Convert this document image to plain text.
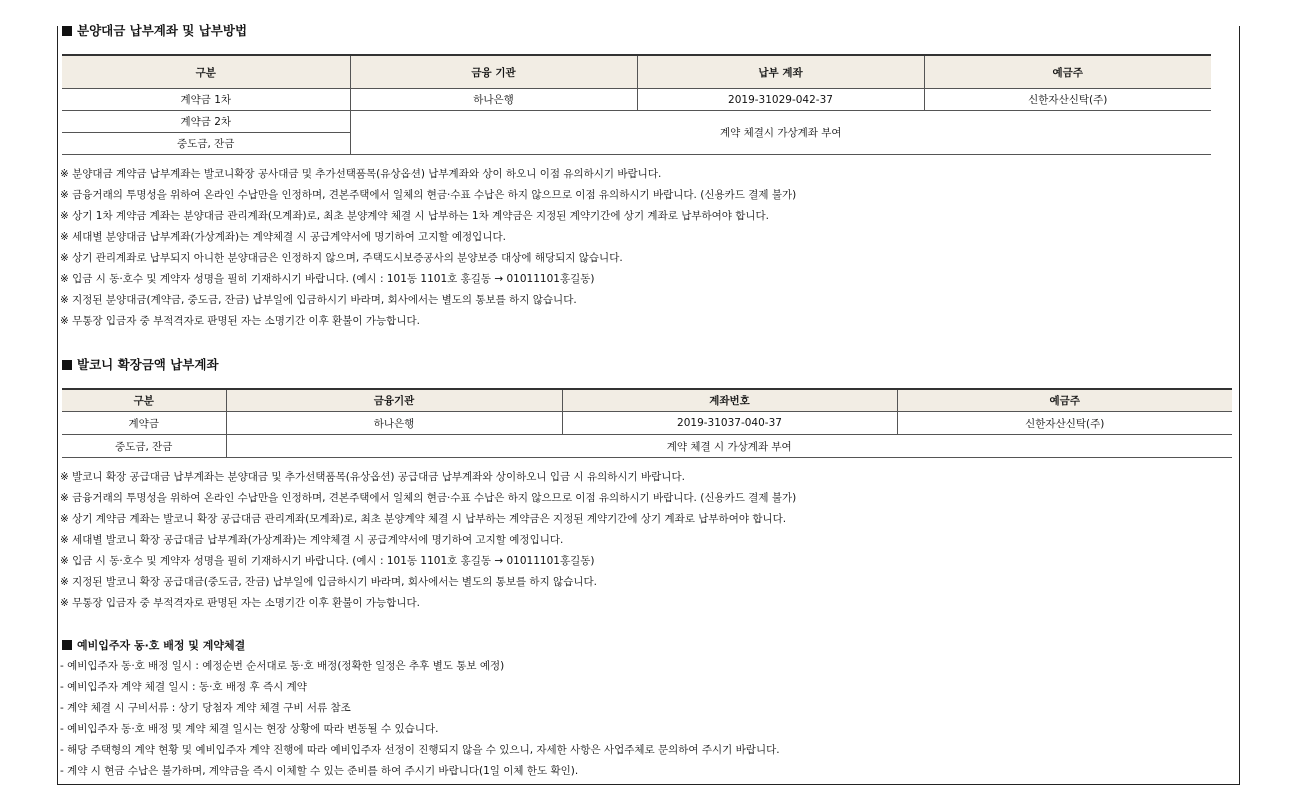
분양대금 납부계좌 및 납부방법
구분	금융 기관	납부 계좌	예금주
계약금 1차	하나은행	2019-31029-042-37	신한자산신탁(주)
계약금 2차	계약 체결시 가상계좌 부여		
중도금, 잔금			
※ 분양대금 계약금 납부계좌는 발코니확장 공사대금 및 추가선택품목(유상옵션) 납부계좌와 상이 하오니 이점 유의하시기 바랍니다.
※ 금융거래의 투명성을 위하여 온라인 수납만을 인정하며, 견본주택에서 일체의 현금·수표 수납은 하지 않으므로 이점 유의하시기 바랍니다. (신용카드 결제 불가)
※ 상기 1차 계약금 계좌는 분양대금 관리계좌(모계좌)로, 최초 분양계약 체결 시 납부하는 1차 계약금은 지정된 계약기간에 상기 계좌로 납부하여야 합니다.
※ 세대별 분양대금 납부계좌(가상계좌)는 계약체결 시 공급계약서에 명기하여 고지할 예정입니다.
※ 상기 관리계좌로 납부되지 아니한 분양대금은 인정하지 않으며, 주택도시보증공사의 분양보증 대상에 해당되지 않습니다.
※ 입금 시 동·호수 및 계약자 성명을 필히 기재하시기 바랍니다. (예시 : 101동 1101호 홍길동 → 01011101홍길동)
※ 지정된 분양대금(계약금, 중도금, 잔금) 납부일에 입금하시기 바라며, 회사에서는 별도의 통보를 하지 않습니다.
※ 무통장 입금자 중 부적격자로 판명된 자는 소명기간 이후 환불이 가능합니다.
발코니 확장금액 납부계좌
구분	금융기관	계좌번호	예금주
계약금	하나은행	2019-31037-040-37	신한자산신탁(주)
중도금, 잔금	계약 체결 시 가상계좌 부여		
※ 발코니 확장 공급대금 납부계좌는 분양대금 및 추가선택품목(유상옵션) 공급대금 납부계좌와 상이하오니 입금 시 유의하시기 바랍니다.
※ 금융거래의 투명성을 위하여 온라인 수납만을 인정하며, 견본주택에서 일체의 현금·수표 수납은 하지 않으므로 이점 유의하시기 바랍니다. (신용카드 결제 불가)
※ 상기 계약금 계좌는 발코니 확장 공급대금 관리계좌(모계좌)로, 최초 분양계약 체결 시 납부하는 계약금은 지정된 계약기간에 상기 계좌로 납부하여야 합니다.
※ 세대별 발코니 확장 공급대금 납부계좌(가상계좌)는 계약체결 시 공급계약서에 명기하여 고지할 예정입니다.
※ 입금 시 동·호수 및 계약자 성명을 필히 기재하시기 바랍니다. (예시 : 101동 1101호 홍길동 → 01011101홍길동)
※ 지정된 발코니 확장 공급대금(중도금, 잔금) 납부일에 입금하시기 바라며, 회사에서는 별도의 통보를 하지 않습니다.
※ 무통장 입금자 중 부적격자로 판명된 자는 소명기간 이후 환불이 가능합니다.
예비입주자 동·호 배정 및 계약체결
- 예비입주자 동·호 배정 일시 : 예정순번 순서대로 동·호 배정(정확한 일정은 추후 별도 통보 예정)
- 예비입주자 계약 체결 일시 : 동·호 배정 후 즉시 계약
- 계약 체결 시 구비서류 : 상기 당첨자 계약 체결 구비 서류 참조
- 예비입주자 동·호 배정 및 계약 체결 일시는 현장 상황에 따라 변동될 수 있습니다.
- 해당 주택형의 계약 현황 및 예비입주자 계약 진행에 따라 예비입주자 선정이 진행되지 않을 수 있으니, 자세한 사항은 사업주체로 문의하여 주시기 바랍니다.
- 계약 시 현금 수납은 불가하며, 계약금을 즉시 이체할 수 있는 준비를 하여 주시기 바랍니다(1일 이체 한도 확인).
